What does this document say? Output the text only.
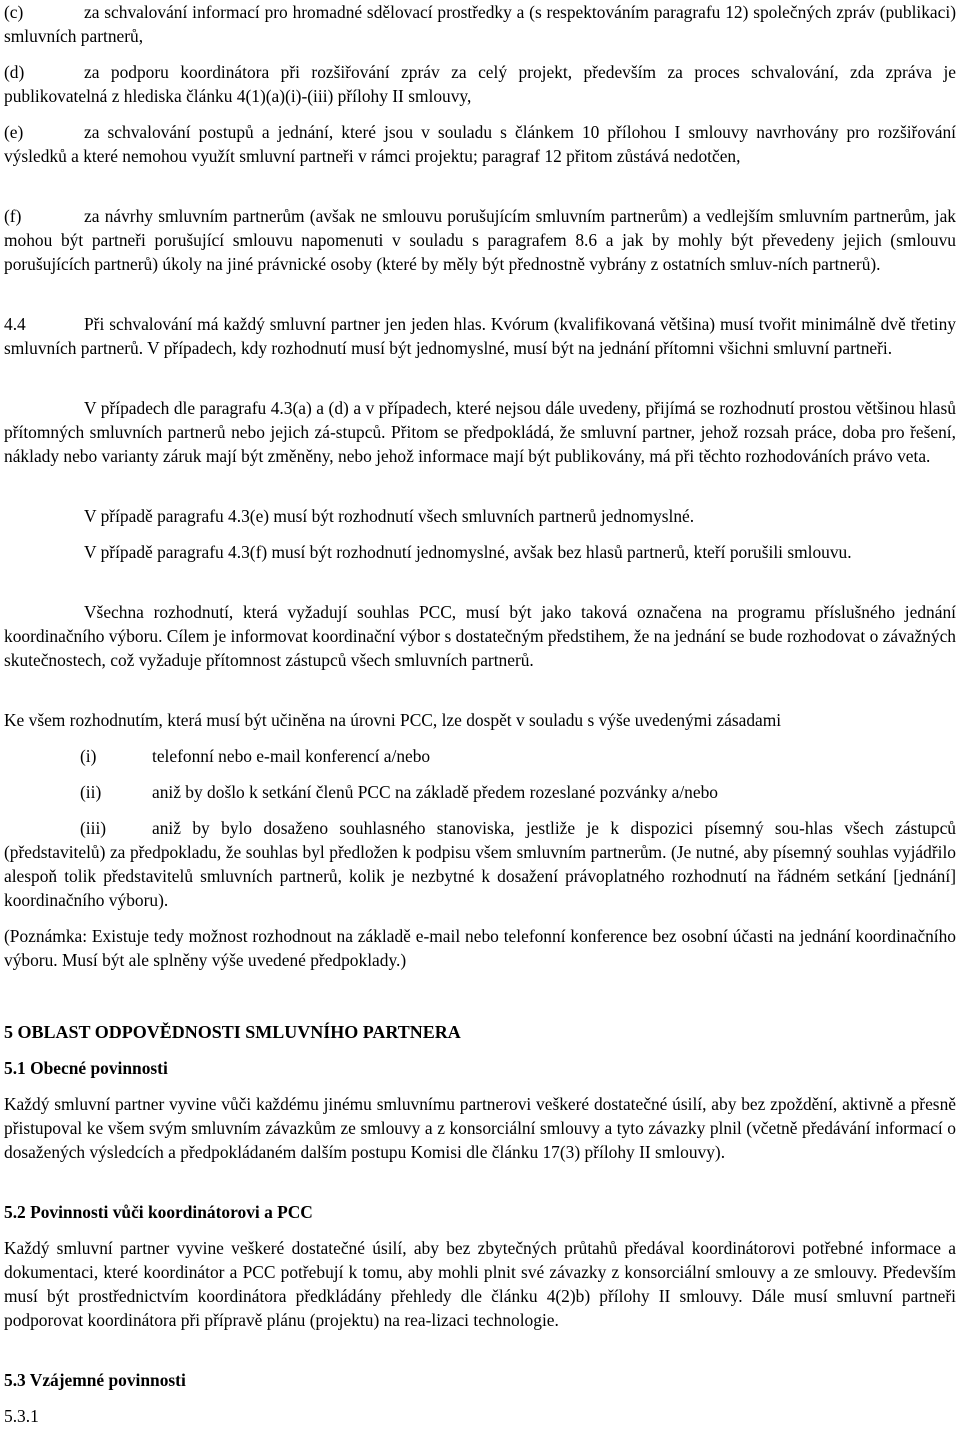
(c)	za schvalování informací pro hromadné sdělovací prostředky a (s respektováním paragrafu 12) společných zpráv (publikaci) smluvních partnerů,

(d)	za podporu koordinátora při rozšiřování zpráv za celý projekt, především za proces schvalování, zda zpráva je publikovatelná z hlediska článku 4(1)(a)(i)-(iii) přílohy II smlouvy,

(e)	za schvalování postupů a jednání, které jsou v souladu s článkem 10 přílohou I smlouvy navrhovány pro rozšiřování výsledků a které nemohou využít smluvní partneři v rámci projektu; paragraf 12 přitom zůstává nedotčen,

(f)	za návrhy smluvním partnerům (avšak ne smlouvu porušujícím smluvním partnerům) a vedlejším smluvním partnerům, jak mohou být partneři porušující smlouvu napomenuti v souladu s paragrafem 8.6 a jak by mohly být převedeny jejich (smlouvu porušujících partnerů) úkoly na jiné právnické osoby (které by měly být přednostně vybrány z ostatních smluv-ních partnerů).

4.4	Při schvalování má každý smluvní partner jen jeden hlas. Kvórum (kvalifikovaná většina) musí tvořit minimálně dvě třetiny smluvních partnerů. V případech, kdy rozhodnutí musí být jednomyslné, musí být na jednání přítomni všichni smluvní partneři.

V případech dle paragrafu 4.3(a) a (d) a v případech, které nejsou dále uvedeny, přijímá se rozhodnutí prostou většinou hlasů přítomných smluvních partnerů nebo jejich zá-stupců. Přitom se předpokládá, že smluvní partner, jehož rozsah práce, doba pro řešení, náklady nebo varianty záruk mají být změněny, nebo jehož informace mají být publikovány, má při těchto rozhodováních právo veta.

V případě paragrafu 4.3(e) musí být rozhodnutí všech smluvních partnerů jednomyslné.

V případě paragrafu 4.3(f) musí být rozhodnutí jednomyslné, avšak bez hlasů partnerů, kteří porušili smlouvu.

Všechna rozhodnutí, která vyžadují souhlas PCC, musí být jako taková označena na programu příslušného jednání koordinačního výboru. Cílem je informovat koordinační výbor s dostatečným předstihem, že na jednání se bude rozhodovat o závažných skutečnostech, což vyžaduje přítomnost zástupců všech smluvních partnerů.

Ke všem rozhodnutím, která musí být učiněna na úrovni PCC, lze dospět v souladu s výše uvedenými zásadami

(i)	telefonní nebo e-mail konferencí a/nebo

(ii)	aniž by došlo k setkání členů PCC na základě předem rozeslané pozvánky a/nebo

(iii)	aniž by bylo dosaženo souhlasného stanoviska, jestliže je k dispozici písemný sou-hlas všech zástupců (představitelů) za předpokladu, že souhlas byl předložen k podpisu všem smluvním partnerům. (Je nutné, aby písemný souhlas vyjádřilo alespoň tolik představitelů smluvních partnerů, kolik je nezbytné k dosažení právoplatného rozhodnutí na řádném setkání [jednání] koordinačního výboru).

(Poznámka: Existuje tedy možnost rozhodnout na základě e-mail nebo telefonní konference bez osobní účasti na jednání koordinačního výboru. Musí být ale splněny výše uvedené předpoklady.)

5 OBLAST ODPOVĚDNOSTI SMLUVNÍHO PARTNERA

5.1 Obecné povinnosti

Každý smluvní partner vyvine vůči každému jinému smluvnímu partnerovi veškeré dostatečné úsilí, aby bez zpoždění, aktivně a přesně přistupoval ke všem svým smluvním závazkům ze smlouvy a z konsorciální smlouvy a tyto závazky plnil (včetně předávání informací o dosažených výsledcích a předpokládaném dalším postupu Komisi dle článku 17(3) přílohy II smlouvy).

5.2 Povinnosti vůči koordinátorovi a PCC

Každý smluvní partner vyvine veškeré dostatečné úsilí, aby bez zbytečných průtahů předával koordinátorovi potřebné informace a dokumentaci, které koordinátor a PCC potřebují k tomu, aby mohli plnit své závazky z konsorciální smlouvy a ze smlouvy. Především musí být prostřednictvím koordinátora předkládány přehledy dle článku 4(2)b) přílohy II smlouvy. Dále musí smluvní partneři podporovat koordinátora při přípravě plánu (projektu) na rea-lizaci technologie.

5.3 Vzájemné povinnosti

5.3.1
